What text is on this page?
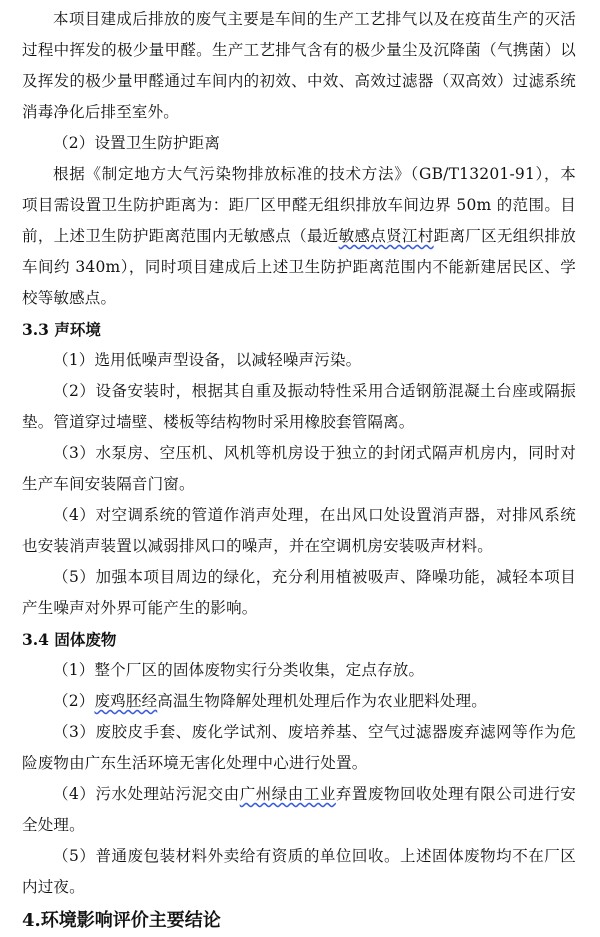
本项目建成后排放的废气主要是车间的生产工艺排气以及在疫苗生产的灭活过程中挥发的极少量甲醛。生产工艺排气含有的极少量尘及沉降菌（气携菌）以及挥发的极少量甲醛通过车间内的初效、中效、高效过滤器（双高效）过滤系统消毒净化后排至室外。

（2）设置卫生防护距离

根据《制定地方大气污染物排放标准的技术方法》（GB/T13201-91），本项目需设置卫生防护距离为：距厂区甲醛无组织排放车间边界 50m 的范围。目前，上述卫生防护距离范围内无敏感点（最近敏感点贤江村距离厂区无组织排放车间约 340m），同时项目建成后上述卫生防护距离范围内不能新建居民区、学校等敏感点。

3.3 声环境

（1）选用低噪声型设备，以减轻噪声污染。

（2）设备安装时，根据其自重及振动特性采用合适钢筋混凝土台座或隔振垫。管道穿过墙壁、楼板等结构物时采用橡胶套管隔离。

（3）水泵房、空压机、风机等机房设于独立的封闭式隔声机房内，同时对生产车间安装隔音门窗。

（4）对空调系统的管道作消声处理，在出风口处设置消声器，对排风系统也安装消声装置以减弱排风口的噪声，并在空调机房安装吸声材料。

（5）加强本项目周边的绿化，充分利用植被吸声、降噪功能，减轻本项目产生噪声对外界可能产生的影响。

3.4 固体废物

（1）整个厂区的固体废物实行分类收集，定点存放。

（2）废鸡胚经高温生物降解处理机处理后作为农业肥料处理。

（3）废胶皮手套、废化学试剂、废培养基、空气过滤器废弃滤网等作为危险废物由广东生活环境无害化处理中心进行处置。

（4）污水处理站污泥交由广州绿由工业弃置废物回收处理有限公司进行安全处理。

（5）普通废包装材料外卖给有资质的单位回收。上述固体废物均不在厂区内过夜。

4.环境影响评价主要结论
